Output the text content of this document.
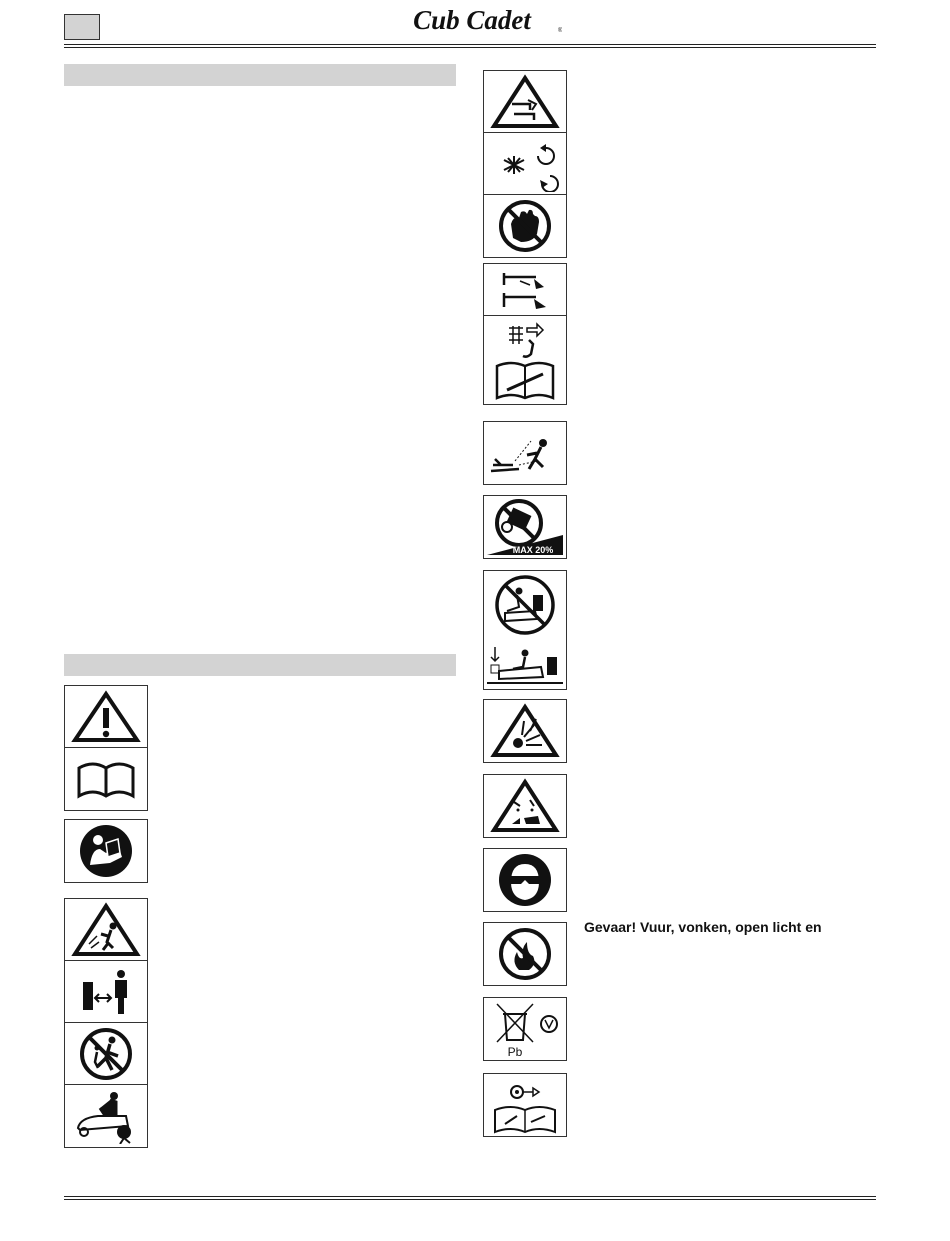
Cub Cadet	®
MAX 20%
Gevaar! Vuur, vonken, open licht en
Pb
